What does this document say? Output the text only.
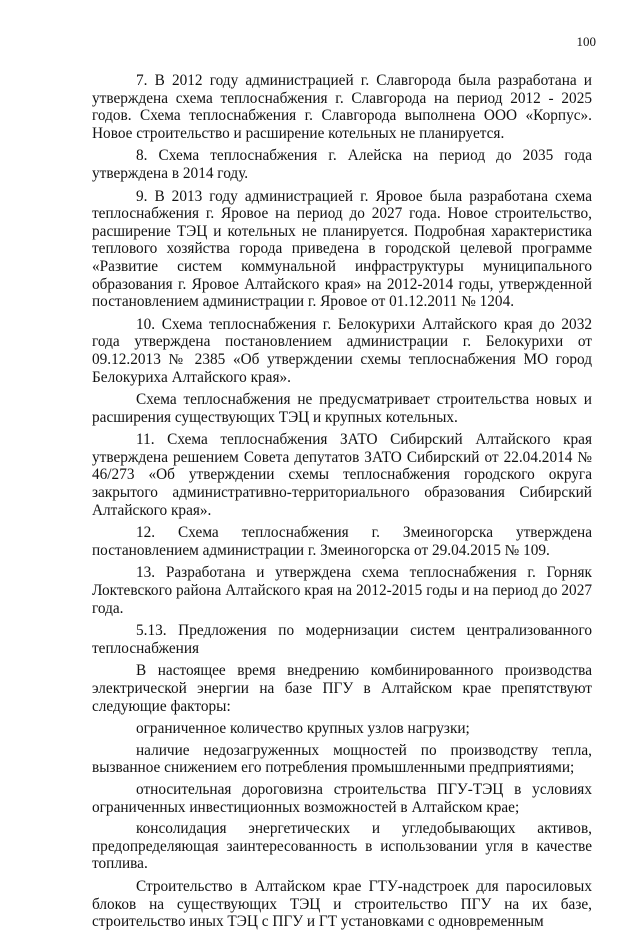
100

7. В 2012 году администрацией г. Славгорода была разработана и утверждена схема теплоснабжения г. Славгорода на период 2012 - 2025 годов. Схема теплоснабжения г. Славгорода выполнена ООО «Корпус». Новое строительство и расширение котельных не планируется.

8. Схема теплоснабжения г. Алейска на период до 2035 года утверждена в 2014 году.

9. В 2013 году администрацией г. Яровое была разработана схема теплоснабжения г. Яровое на период до 2027 года. Новое строительство, расширение ТЭЦ и котельных не планируется. Подробная характеристика теплового хозяйства города приведена в городской целевой программе «Развитие систем коммунальной инфраструктуры муниципального образования г. Яровое Алтайского края» на 2012-2014 годы, утвержденной постановлением администрации г. Яровое от 01.12.2011 № 1204.

10. Схема теплоснабжения г. Белокурихи Алтайского края до 2032 года утверждена постановлением администрации г. Белокурихи от 09.12.2013 № 2385 «Об утверждении схемы теплоснабжения МО город Белокуриха Алтайского края».

Схема теплоснабжения не предусматривает строительства новых и расширения существующих ТЭЦ и крупных котельных.

11. Схема теплоснабжения ЗАТО Сибирский Алтайского края утверждена решением Совета депутатов ЗАТО Сибирский от 22.04.2014 № 46/273 «Об утверждении схемы теплоснабжения городского округа закрытого административно-территориального образования Сибирский Алтайского края».

12. Схема теплоснабжения г. Змеиногорска утверждена постановлением администрации г. Змеиногорска от 29.04.2015 № 109.

13. Разработана и утверждена схема теплоснабжения г. Горняк Локтевского района Алтайского края на 2012-2015 годы и на период до 2027 года.

5.13. Предложения по модернизации систем централизованного теплоснабжения

В настоящее время внедрению комбинированного производства электрической энергии на базе ПГУ в Алтайском крае препятствуют следующие факторы:

ограниченное количество крупных узлов нагрузки;

наличие недозагруженных мощностей по производству тепла, вызванное снижением его потребления промышленными предприятиями;

относительная дороговизна строительства ПГУ-ТЭЦ в условиях ограниченных инвестиционных возможностей в Алтайском крае;

консолидация энергетических и угледобывающих активов, предопределяющая заинтересованность в использовании угля в качестве топлива.

Строительство в Алтайском крае ГТУ-надстроек для паросиловых блоков на существующих ТЭЦ и строительство ПГУ на их базе, строительство иных ТЭЦ с ПГУ и ГТ установками с одновременным
